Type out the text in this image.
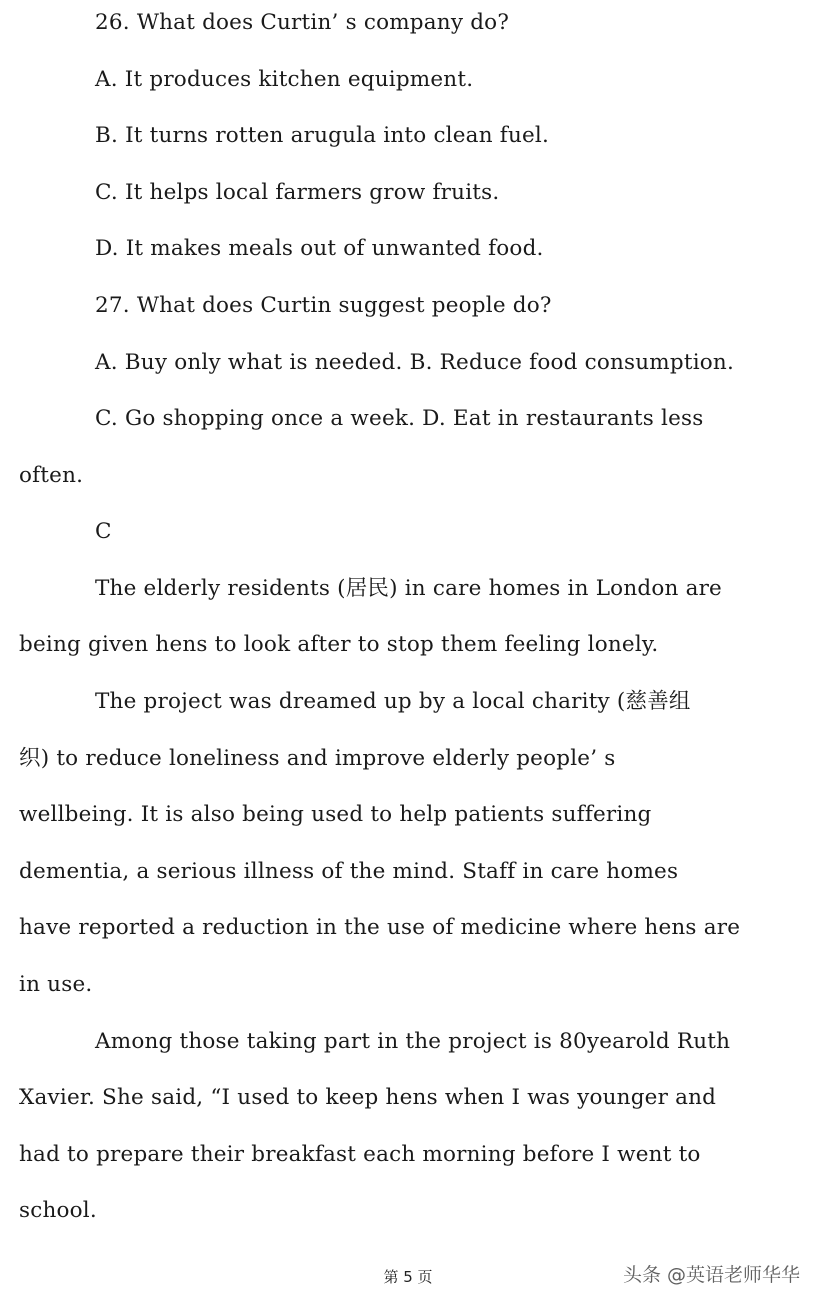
26. What does Curtin’ s company do?
A. It produces kitchen equipment.
B. It turns rotten arugula into clean fuel.
C. It helps local farmers grow fruits.
D. It makes meals out of unwanted food.
27. What does Curtin suggest people do?
A. Buy only what is needed. B. Reduce food consumption.
C. Go shopping once a week. D. Eat in restaurants less
often.
C
The elderly residents (居民) in care homes in London are
being given hens to look after to stop them feeling lonely.
The project was dreamed up by a local charity (慈善组
织) to reduce loneliness and improve elderly people’ s
wellbeing. It is also being used to help patients suffering
dementia, a serious illness of the mind. Staff in care homes
have reported a reduction in the use of medicine where hens are
in use.
Among those taking part in the project is 80yearold Ruth
Xavier. She said, “I used to keep hens when I was younger and
had to prepare their breakfast each morning before I went to
school.
第 5 页	头条 @英语老师华华
